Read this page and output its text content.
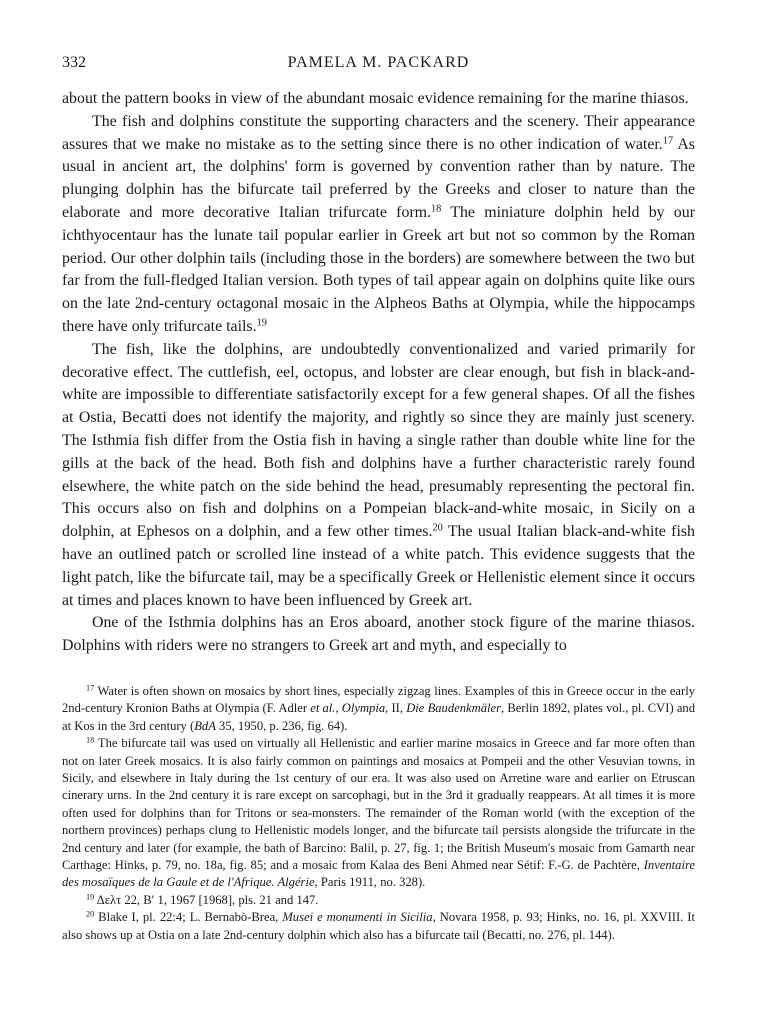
332	PAMELA M. PACKARD

about the pattern books in view of the abundant mosaic evidence remaining for the marine thiasos.

The fish and dolphins constitute the supporting characters and the scenery. Their appearance assures that we make no mistake as to the setting since there is no other indication of water.$^{17}$ As usual in ancient art, the dolphins' form is governed by convention rather than by nature. The plunging dolphin has the bifurcate tail preferred by the Greeks and closer to nature than the elaborate and more decorative Italian trifurcate form.$^{18}$ The miniature dolphin held by our ichthyocentaur has the lunate tail popular earlier in Greek art but not so common by the Roman period. Our other dolphin tails (including those in the borders) are somewhere between the two but far from the full-fledged Italian version. Both types of tail appear again on dolphins quite like ours on the late 2nd-century octagonal mosaic in the Alpheos Baths at Olympia, while the hippocamps there have only trifurcate tails.$^{19}$

The fish, like the dolphins, are undoubtedly conventionalized and varied primarily for decorative effect. The cuttlefish, eel, octopus, and lobster are clear enough, but fish in black-and-white are impossible to differentiate satisfactorily except for a few general shapes. Of all the fishes at Ostia, Becatti does not identify the majority, and rightly so since they are mainly just scenery. The Isthmia fish differ from the Ostia fish in having a single rather than double white line for the gills at the back of the head. Both fish and dolphins have a further characteristic rarely found elsewhere, the white patch on the side behind the head, presumably representing the pectoral fin. This occurs also on fish and dolphins on a Pompeian black-and-white mosaic, in Sicily on a dolphin, at Ephesos on a dolphin, and a few other times.$^{20}$ The usual Italian black-and-white fish have an outlined patch or scrolled line instead of a white patch. This evidence suggests that the light patch, like the bifurcate tail, may be a specifically Greek or Hellenistic element since it occurs at times and places known to have been influenced by Greek art.

One of the Isthmia dolphins has an Eros aboard, another stock figure of the marine thiasos. Dolphins with riders were no strangers to Greek art and myth, and especially to

$^{17}$ Water is often shown on mosaics by short lines, especially zigzag lines. Examples of this in Greece occur in the early 2nd-century Kronion Baths at Olympia (F. Adler et al., Olympia, II, Die Baudenkmäler, Berlin 1892, plates vol., pl. CVI) and at Kos in the 3rd century (BdA 35, 1950, p. 236, fig. 64).

$^{18}$ The bifurcate tail was used on virtually all Hellenistic and earlier marine mosaics in Greece and far more often than not on later Greek mosaics. It is also fairly common on paintings and mosaics at Pompeii and the other Vesuvian towns, in Sicily, and elsewhere in Italy during the 1st century of our era. It was also used on Arretine ware and earlier on Etruscan cinerary urns. In the 2nd century it is rare except on sarcophagi, but in the 3rd it gradually reappears. At all times it is more often used for dolphins than for Tritons or sea-monsters. The remainder of the Roman world (with the exception of the northern provinces) perhaps clung to Hellenistic models longer, and the bifurcate tail persists alongside the trifurcate in the 2nd century and later (for example, the bath of Barcino: Balil, p. 27, fig. 1; the British Museum's mosaic from Gamarth near Carthage: Hinks, p. 79, no. 18a, fig. 85; and a mosaic from Kalaa des Beni Ahmed near Sétif: F.-G. de Pachtère, Inventaire des mosaïques de la Gaule et de l'Afrique. Algérie, Paris 1911, no. 328).

$^{19}$ Δελτ 22, B′ 1, 1967 [1968], pls. 21 and 147.

$^{20}$ Blake I, pl. 22:4; L. Bernabò-Brea, Musei e monumenti in Sicilia, Novara 1958, p. 93; Hinks, no. 16, pl. XXVIII. It also shows up at Ostia on a late 2nd-century dolphin which also has a bifurcate tail (Becatti, no. 276, pl. 144).
